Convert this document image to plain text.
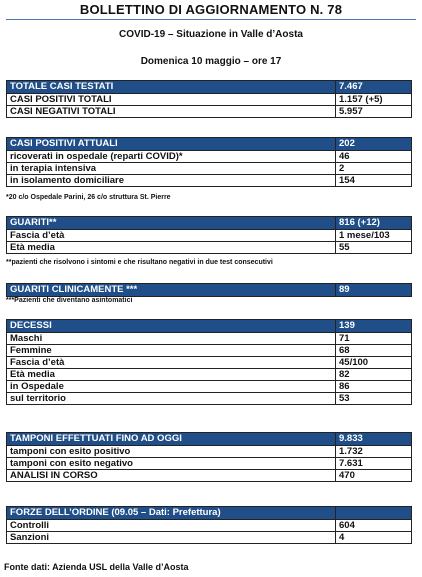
BOLLETTINO DI AGGIORNAMENTO N. 78
COVID-19 – Situazione in Valle d’Aosta
Domenica 10 maggio – ore 17
TOTALE CASI TESTATI	7.467
CASI POSITIVI TOTALI	1.157 (+5)
CASI NEGATIVI TOTALI	5.957
CASI POSITIVI ATTUALI	202
ricoverati in ospedale (reparti COVID)*	46
in terapia intensiva	2
in isolamento domiciliare	154
*20 c/o Ospedale Parini, 26 c/o struttura St. Pierre
GUARITI**	816 (+12)
Fascia d’età	1 mese/103
Età media	55
**pazienti che risolvono i sintomi e che risultano negativi in due test consecutivi
GUARITI CLINICAMENTE ***	89
***Pazienti che diventano asintomatici
DECESSI	139
Maschi	71
Femmine	68
Fascia d’età	45/100
Età media	82
in Ospedale	86
sul territorio	53
TAMPONI EFFETTUATI FINO AD OGGI	9.833
tamponi con esito positivo	1.732
tamponi con esito negativo	7.631
ANALISI IN CORSO	470
FORZE DELL’ORDINE (09.05 – Dati: Prefettura)	
Controlli	604
Sanzioni	4
Fonte dati: Azienda USL della Valle d’Aosta
